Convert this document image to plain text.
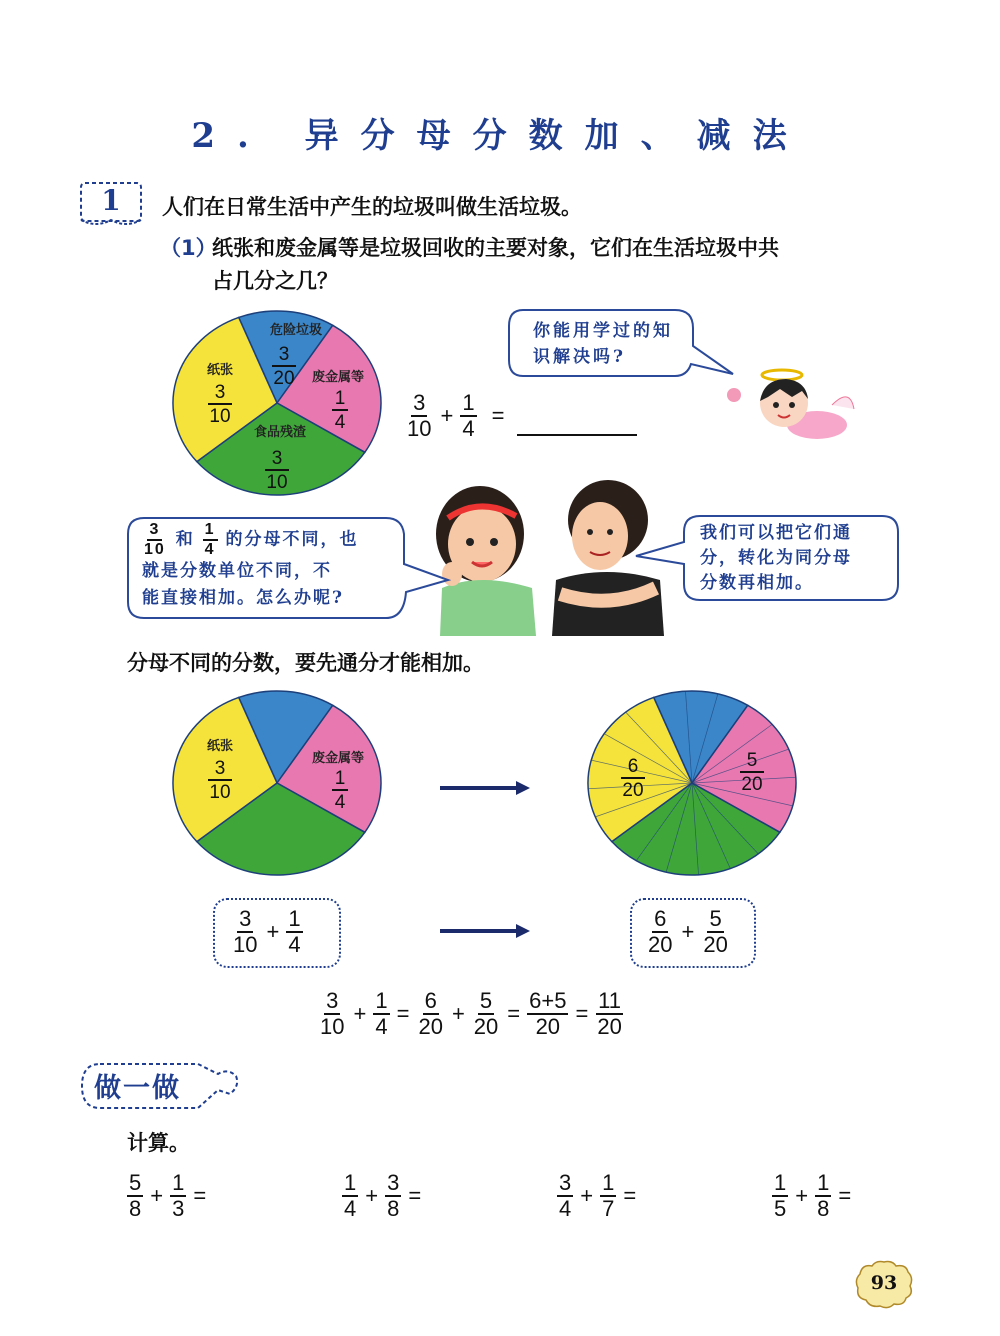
2. 异分母分数加、减法
1	人们在日常生活中产生的垃圾叫做生活垃圾。
（1）
纸张和废金属等是垃圾回收的主要对象，它们在生活垃圾中共
占几分之几？
危险垃圾
3
20 废金属等
1
4
食品残渣
3
10
纸张
3
10	$\frac{3}{10} + \frac{1}{4}$ =
你能用学过的知识解决吗?
$\frac{3}{10}$ 和 $\frac{1}{4}$ 的分母不同，也
就是分数单位不同，不
能直接相加。怎么办呢?
我们可以把它们通
分，转化为同分母
分数再相加。
分母不同的分数，要先通分才能相加。
纸张
3
10
废金属等
1
4
6
20
5
20
$\frac{3}{10} + \frac{1}{4}$	$\frac{6}{20} + \frac{5}{20}$
$\frac{3}{10} + \frac{1}{4} = \frac{6}{20} + \frac{5}{20} = \frac{6+5}{20} = \frac{11}{20}$
做一做
计算。
$\frac{5}{8} + \frac{1}{3}$ =	$\frac{1}{4} + \frac{3}{8}$ =	$\frac{3}{4} + \frac{1}{7}$ =	$\frac{1}{5} + \frac{1}{8}$ =
93
